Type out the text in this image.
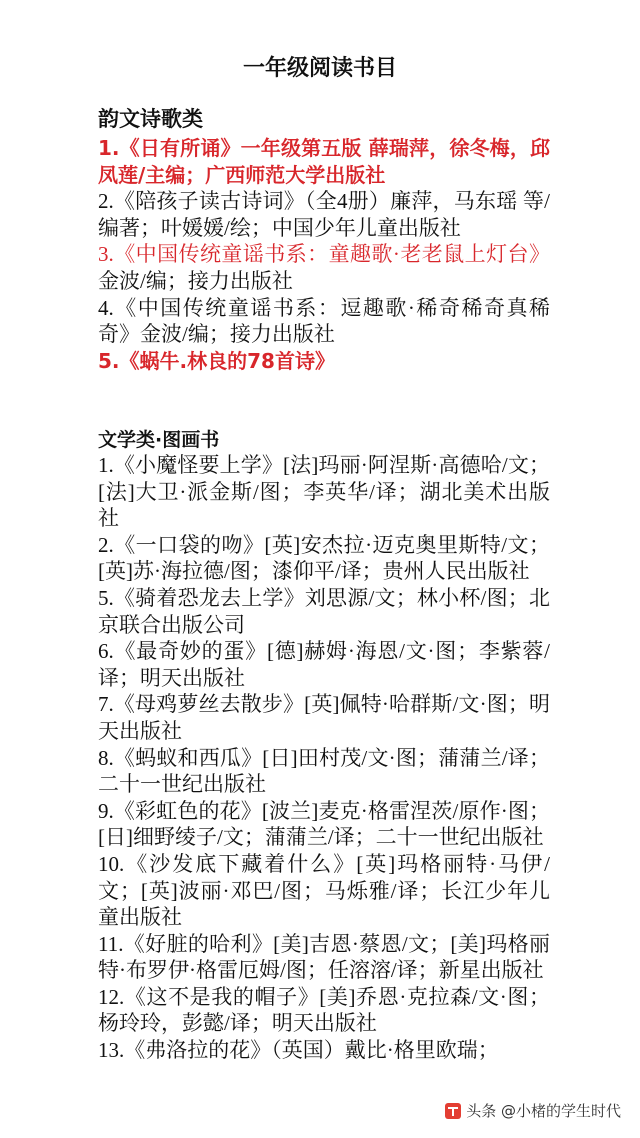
一年级阅读书目
韵文诗歌类

1.《日有所诵》一年级第五版 薛瑞萍，徐冬梅，邱凤莲/主编；广西师范大学出版社

2.《陪孩子读古诗词》（全4册）廉萍，马东瑶 等/编著；叶媛媛/绘；中国少年儿童出版社

3.《中国传统童谣书系：童趣歌·老老鼠上灯台》金波/编；接力出版社

4.《中国传统童谣书系：逗趣歌·稀奇稀奇真稀奇》金波/编；接力出版社

5.《蜗牛.林良的78首诗》

文学类·图画书

1.《小魔怪要上学》[法]玛丽·阿涅斯·高德哈/文；[法]大卫·派金斯/图；李英华/译；湖北美术出版社

2.《一口袋的吻》[英]安杰拉·迈克奥里斯特/文；[英]苏·海拉德/图；漆仰平/译；贵州人民出版社

5.《骑着恐龙去上学》刘思源/文；林小杯/图；北京联合出版公司

6.《最奇妙的蛋》[德]赫姆·海恩/文·图；李紫蓉/译；明天出版社

7.《母鸡萝丝去散步》[英]佩特·哈群斯/文·图；明天出版社

8.《蚂蚁和西瓜》[日]田村茂/文·图；蒲蒲兰/译；二十一世纪出版社

9.《彩虹色的花》[波兰]麦克·格雷涅茨/原作·图；[日]细野绫子/文；蒲蒲兰/译；二十一世纪出版社

10.《沙发底下藏着什么》[英]玛格丽特·马伊/文；[英]波丽·邓巴/图；马烁雅/译；长江少年儿童出版社

11.《好脏的哈利》[美]吉恩·蔡恩/文；[美]玛格丽特·布罗伊·格雷厄姆/图；任溶溶/译；新星出版社

12.《这不是我的帽子》[美]乔恩·克拉森/文·图；杨玲玲，彭懿/译；明天出版社

13.《弗洛拉的花》（英国）戴比·格里欧瑞；

头条 @小楮的学生时代
